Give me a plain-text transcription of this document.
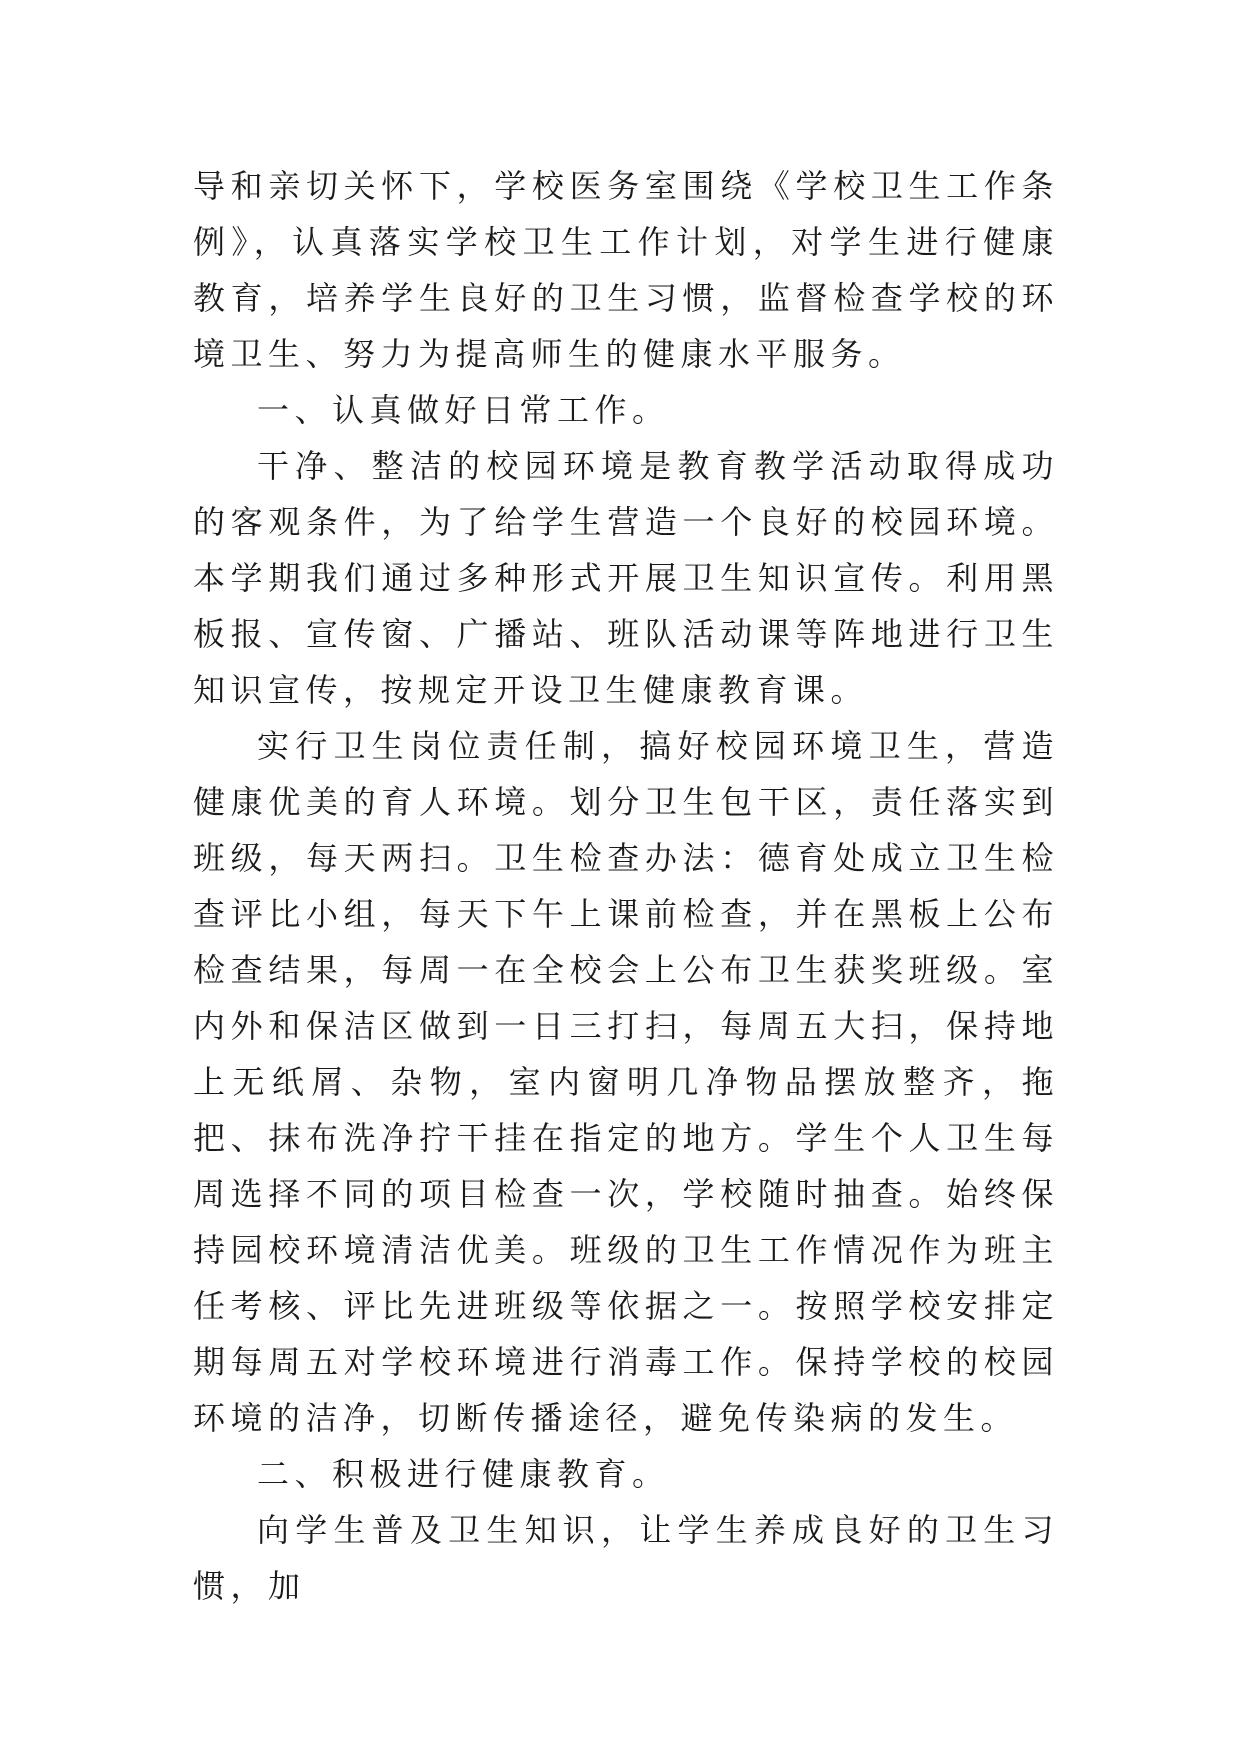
导和亲切关怀下，学校医务室围绕《学校卫生工作条例》，认真落实学校卫生工作计划，对学生进行健康教育，培养学生良好的卫生习惯，监督检查学校的环境卫生、努力为提高师生的健康水平服务。

一、认真做好日常工作。

干净、整洁的校园环境是教育教学活动取得成功的客观条件，为了给学生营造一个良好的校园环境。本学期我们通过多种形式开展卫生知识宣传。利用黑板报、宣传窗、广播站、班队活动课等阵地进行卫生知识宣传，按规定开设卫生健康教育课。

实行卫生岗位责任制，搞好校园环境卫生，营造健康优美的育人环境。划分卫生包干区，责任落实到班级，每天两扫。卫生检查办法：德育处成立卫生检查评比小组，每天下午上课前检查，并在黑板上公布检查结果，每周一在全校会上公布卫生获奖班级。室内外和保洁区做到一日三打扫，每周五大扫，保持地上无纸屑、杂物，室内窗明几净物品摆放整齐，拖把、抹布洗净拧干挂在指定的地方。学生个人卫生每周选择不同的项目检查一次，学校随时抽查。始终保持园校环境清洁优美。班级的卫生工作情况作为班主任考核、评比先进班级等依据之一。按照学校安排定期每周五对学校环境进行消毒工作。保持学校的校园环境的洁净，切断传播途径，避免传染病的发生。

二、积极进行健康教育。

向学生普及卫生知识，让学生养成良好的卫生习惯，加
